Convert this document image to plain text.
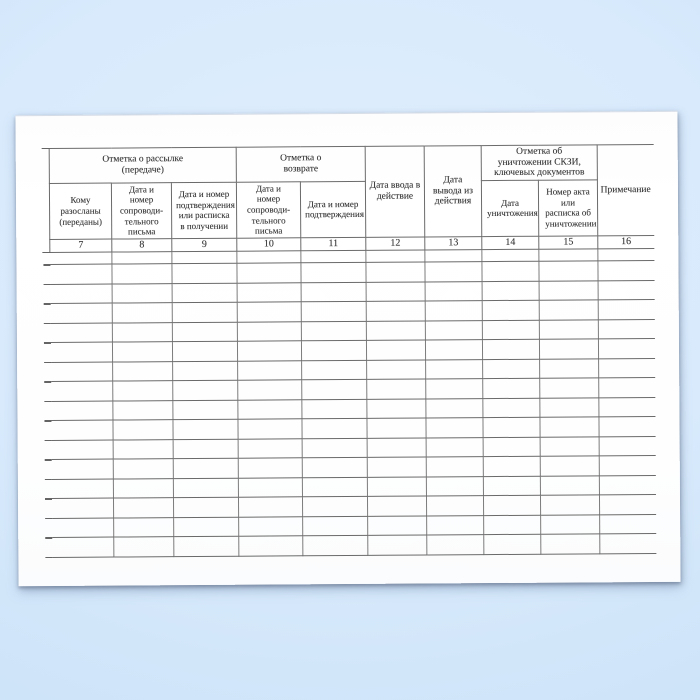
Отметка о рассылке (передаче)			Отметка о возврате		Дата ввода в действие	Дата вывода из действия	Отметка об уничтожении СКЗИ, ключевых документов		Примечание
Кому разосланы (переданы)	Дата и номер сопроводи- тельного письма	Дата и номер подтверждения или расписка в получении	Дата и номер сопроводи- тельного письма	Дата и номер подтверждения			Дата уничтожения	Номер акта или расписка об уничтожении	
7	8	9	10	11	12	13	14	15	16
